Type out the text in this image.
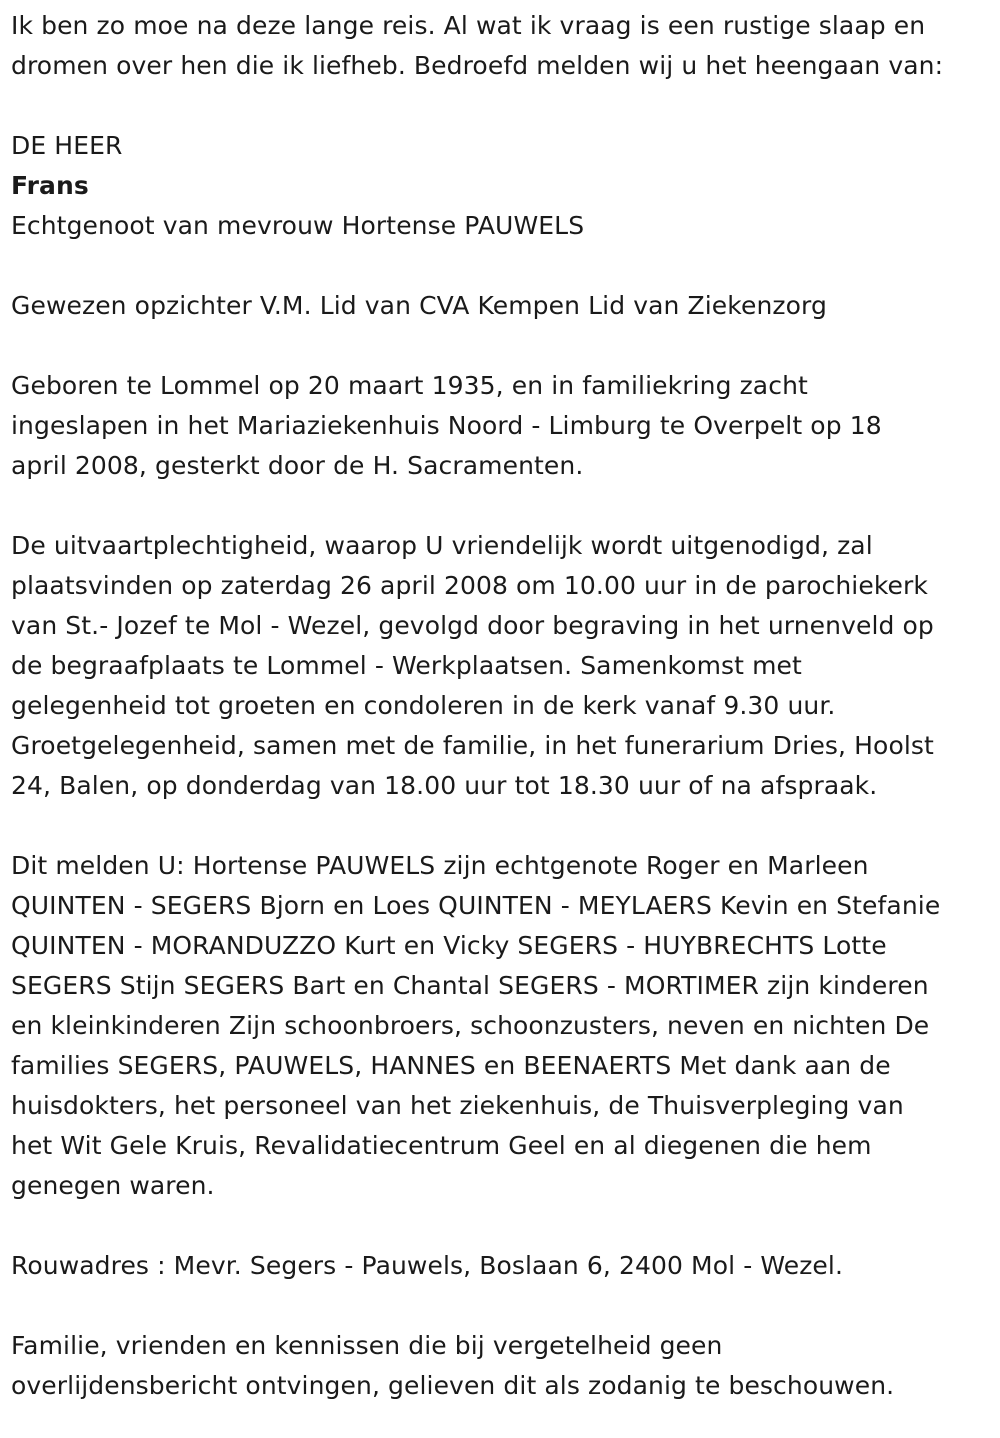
Ik ben zo moe na deze lange reis. Al wat ik vraag is een rustige slaap en

dromen over hen die ik liefheb. Bedroefd melden wij u het heengaan van:

DE HEER

Frans

Echtgenoot van mevrouw Hortense PAUWELS

Gewezen opzichter V.M. Lid van CVA Kempen Lid van Ziekenzorg

Geboren te Lommel op 20 maart 1935, en in familiekring zacht

ingeslapen in het Mariaziekenhuis Noord - Limburg te Overpelt op 18

april 2008, gesterkt door de H. Sacramenten.

De uitvaartplechtigheid, waarop U vriendelijk wordt uitgenodigd, zal

plaatsvinden op zaterdag 26 april 2008 om 10.00 uur in de parochiekerk

van St.- Jozef te Mol - Wezel, gevolgd door begraving in het urnenveld op

de begraafplaats te Lommel - Werkplaatsen. Samenkomst met

gelegenheid tot groeten en condoleren in de kerk vanaf 9.30 uur.

Groetgelegenheid, samen met de familie, in het funerarium Dries, Hoolst

24, Balen, op donderdag van 18.00 uur tot 18.30 uur of na afspraak.

Dit melden U: Hortense PAUWELS zijn echtgenote Roger en Marleen

QUINTEN - SEGERS Bjorn en Loes QUINTEN - MEYLAERS Kevin en Stefanie

QUINTEN - MORANDUZZO Kurt en Vicky SEGERS - HUYBRECHTS Lotte

SEGERS Stijn SEGERS Bart en Chantal SEGERS - MORTIMER zijn kinderen

en kleinkinderen Zijn schoonbroers, schoonzusters, neven en nichten De

families SEGERS, PAUWELS, HANNES en BEENAERTS Met dank aan de

huisdokters, het personeel van het ziekenhuis, de Thuisverpleging van

het Wit Gele Kruis, Revalidatiecentrum Geel en al diegenen die hem

genegen waren.

Rouwadres : Mevr. Segers - Pauwels, Boslaan 6, 2400 Mol - Wezel.

Familie, vrienden en kennissen die bij vergetelheid geen

overlijdensbericht ontvingen, gelieven dit als zodanig te beschouwen.
